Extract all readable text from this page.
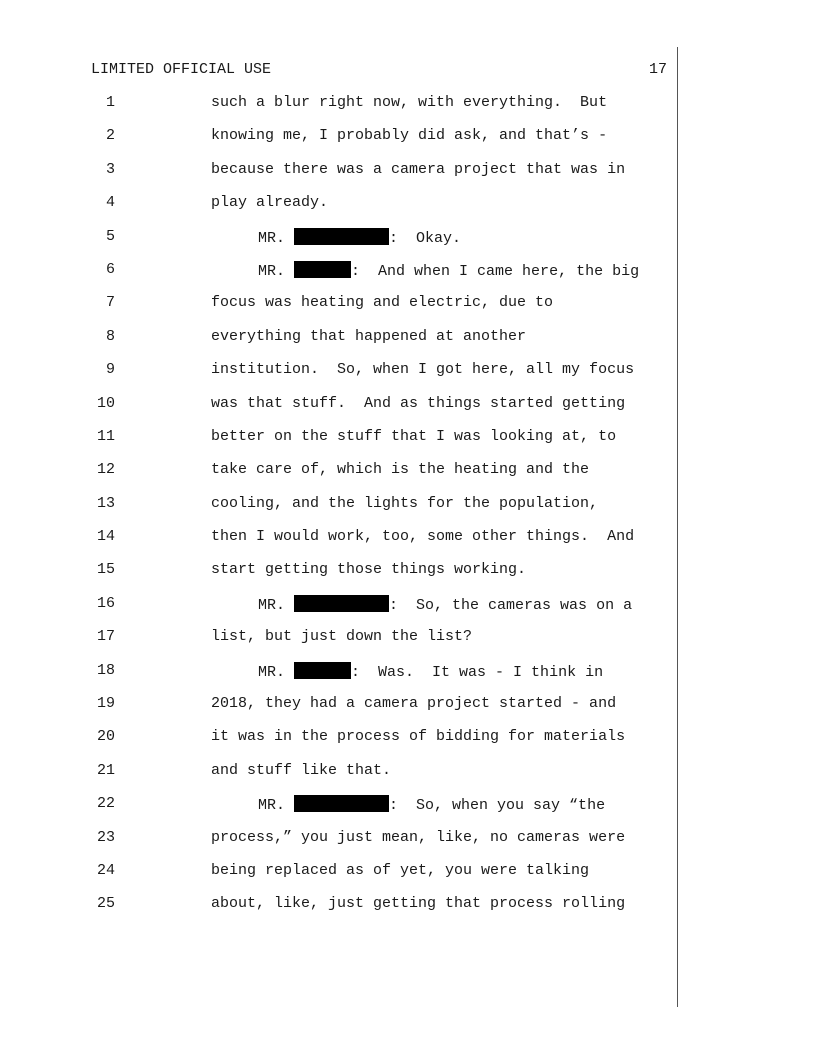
LIMITED OFFICIAL USE	17
1	such a blur right now, with everything.  But
2	knowing me, I probably did ask, and that’s -
3	because there was a camera project that was in
4	play already.
5	MR.	:  Okay.
6	MR.	:  And when I came here, the big
7	focus was heating and electric, due to
8	everything that happened at another
9	institution.  So, when I got here, all my focus
10	was that stuff.  And as things started getting
11	better on the stuff that I was looking at, to
12	take care of, which is the heating and the
13	cooling, and the lights for the population,
14	then I would work, too, some other things.  And
15	start getting those things working.
16	MR.	:  So, the cameras was on a
17	list, but just down the list?
18	MR.	:  Was.  It was - I think in
19	2018, they had a camera project started - and
20	it was in the process of bidding for materials
21	and stuff like that.
22	MR.	:  So, when you say “the
23	process,” you just mean, like, no cameras were
24	being replaced as of yet, you were talking
25	about, like, just getting that process rolling
